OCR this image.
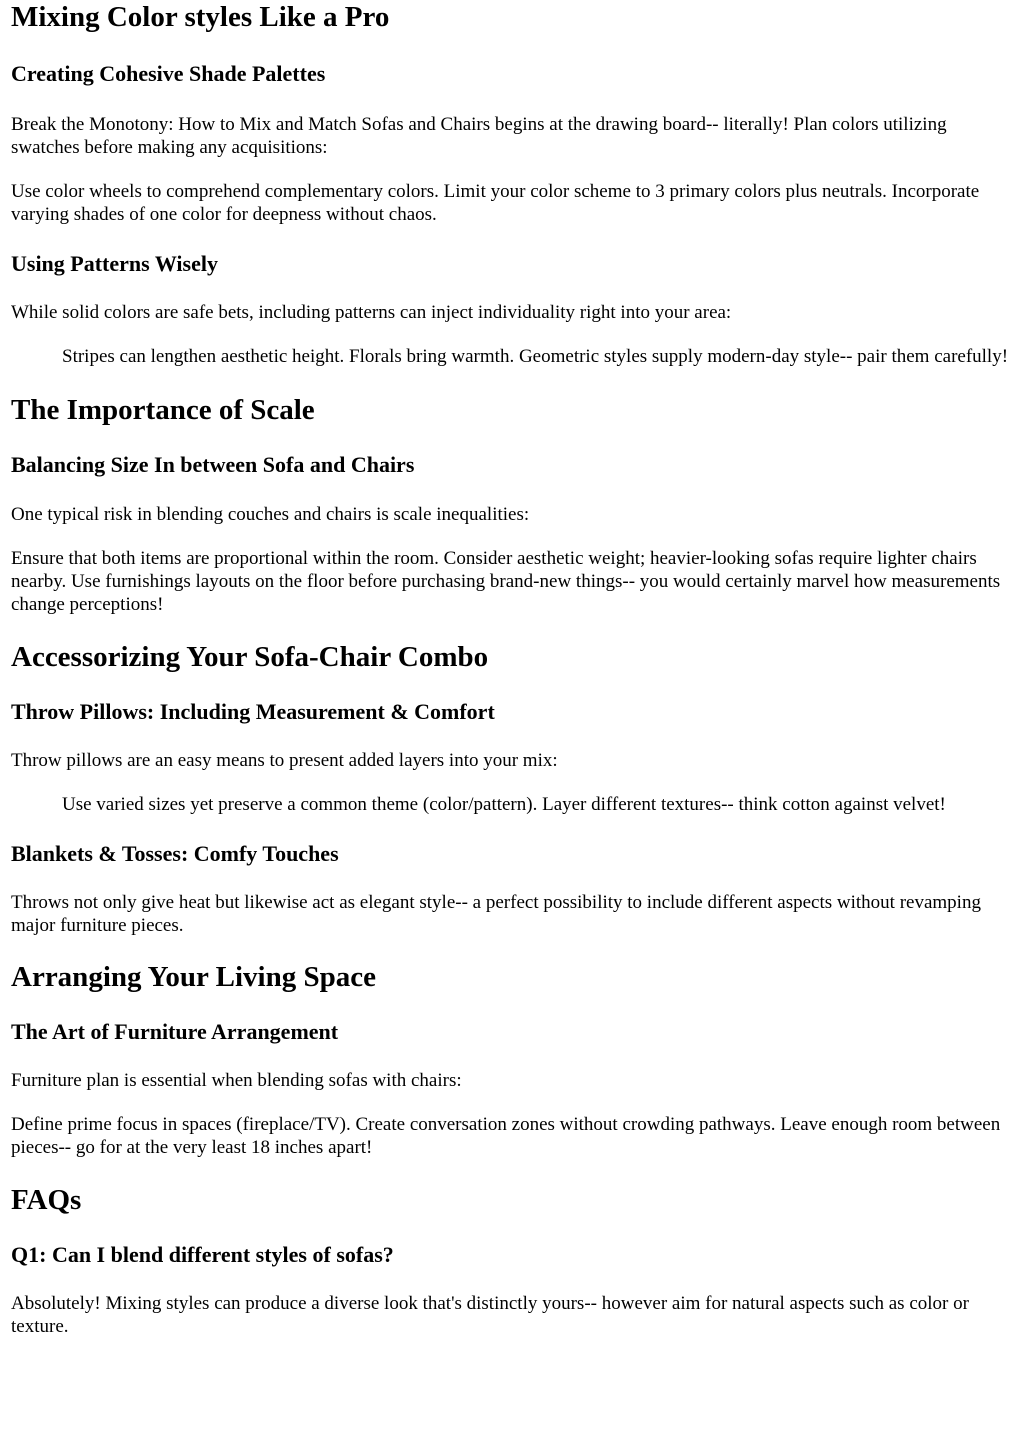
Mixing Color styles Like a Pro
Creating Cohesive Shade Palettes

Break the Monotony: How to Mix and Match Sofas and Chairs begins at the drawing board-- literally! Plan colors utilizing swatches before making any acquisitions:

Use color wheels to comprehend complementary colors. Limit your color scheme to 3 primary colors plus neutrals. Incorporate varying shades of one color for deepness without chaos.

Using Patterns Wisely

While solid colors are safe bets, including patterns can inject individuality right into your area:

Stripes can lengthen aesthetic height. Florals bring warmth. Geometric styles supply modern-day style-- pair them carefully!
The Importance of Scale
Balancing Size In between Sofa and Chairs

One typical risk in blending couches and chairs is scale inequalities:

Ensure that both items are proportional within the room. Consider aesthetic weight; heavier-looking sofas require lighter chairs nearby. Use furnishings layouts on the floor before purchasing brand-new things-- you would certainly marvel how measurements change perceptions!

Accessorizing Your Sofa-Chair Combo
Throw Pillows: Including Measurement & Comfort

Throw pillows are an easy means to present added layers into your mix:

Use varied sizes yet preserve a common theme (color/pattern). Layer different textures-- think cotton against velvet!
Blankets & Tosses: Comfy Touches

Throws not only give heat but likewise act as elegant style-- a perfect possibility to include different aspects without revamping major furniture pieces.

Arranging Your Living Space
The Art of Furniture Arrangement

Furniture plan is essential when blending sofas with chairs:

Define prime focus in spaces (fireplace/TV). Create conversation zones without crowding pathways. Leave enough room between pieces-- go for at the very least 18 inches apart!

FAQs
Q1: Can I blend different styles of sofas?

Absolutely! Mixing styles can produce a diverse look that's distinctly yours-- however aim for natural aspects such as color or texture.
